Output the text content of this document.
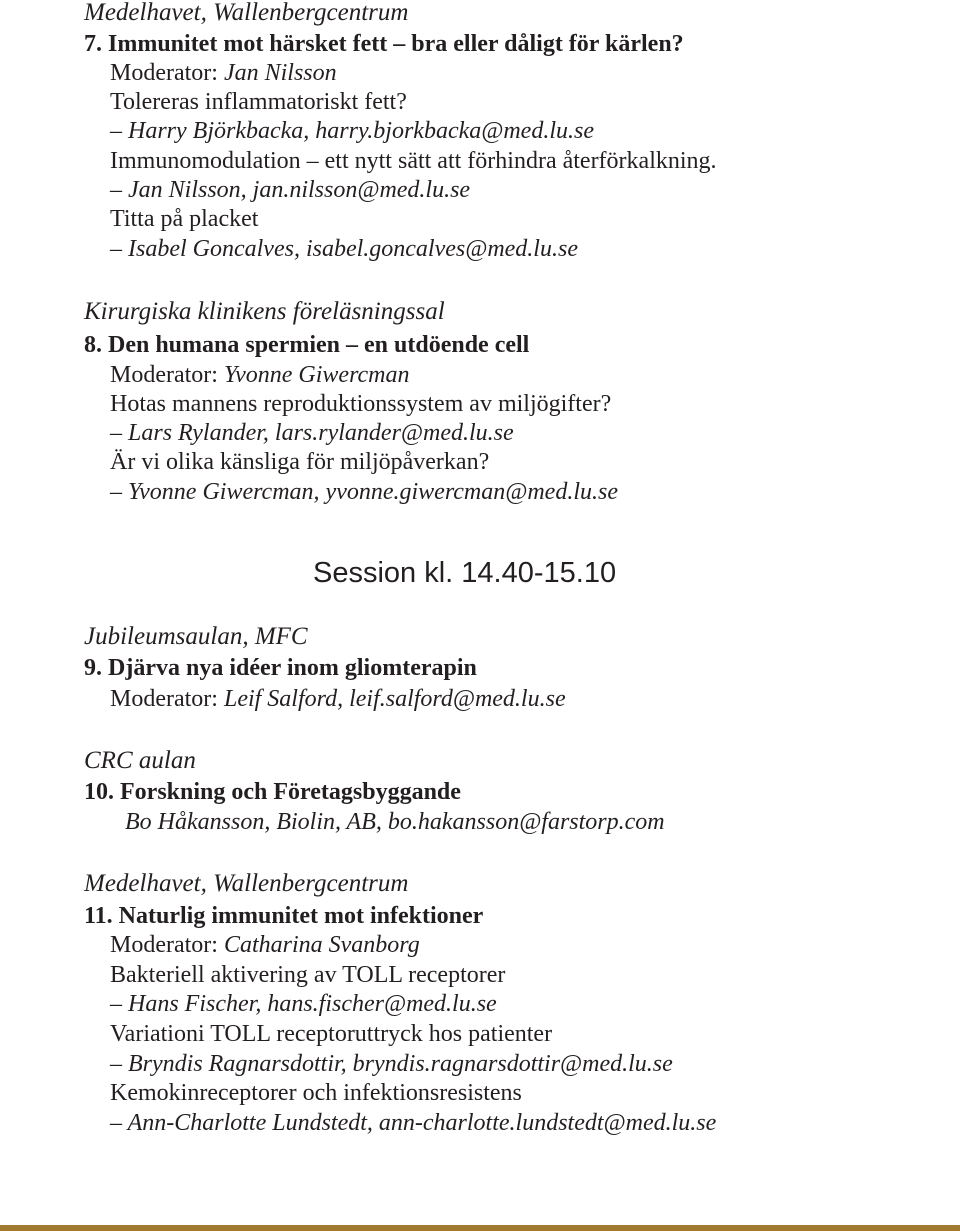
Medelhavet, Wallenbergcentrum
7. Immunitet mot härsket fett – bra eller dåligt för kärlen?
Moderator: Jan Nilsson
Tolereras inflammatoriskt fett?
– Harry Björkbacka, harry.bjorkbacka@med.lu.se
Immunomodulation – ett nytt sätt att förhindra återförkalkning.
– Jan Nilsson, jan.nilsson@med.lu.se
Titta på placket
– Isabel Goncalves, isabel.goncalves@med.lu.se
Kirurgiska klinikens föreläsningssal
8. Den humana spermien – en utdöende cell
Moderator: Yvonne Giwercman
Hotas mannens reproduktionssystem av miljögifter?
– Lars Rylander, lars.rylander@med.lu.se
Är vi olika känsliga för miljöpåverkan?
– Yvonne Giwercman, yvonne.giwercman@med.lu.se
Session kl. 14.40-15.10
Jubileumsaulan, MFC
9. Djärva nya idéer inom gliomterapin
Moderator: Leif Salford, leif.salford@med.lu.se
CRC aulan
10. Forskning och Företagsbyggande
Bo Håkansson, Biolin, AB, bo.hakansson@farstorp.com
Medelhavet, Wallenbergcentrum
11. Naturlig immunitet mot infektioner
Moderator: Catharina Svanborg
Bakteriell aktivering av TOLL receptorer
– Hans Fischer, hans.fischer@med.lu.se
Variationi TOLL receptoruttryck hos patienter
– Bryndis Ragnarsdottir, bryndis.ragnarsdottir@med.lu.se
Kemokinreceptorer och infektionsresistens
– Ann-Charlotte Lundstedt, ann-charlotte.lundstedt@med.lu.se
